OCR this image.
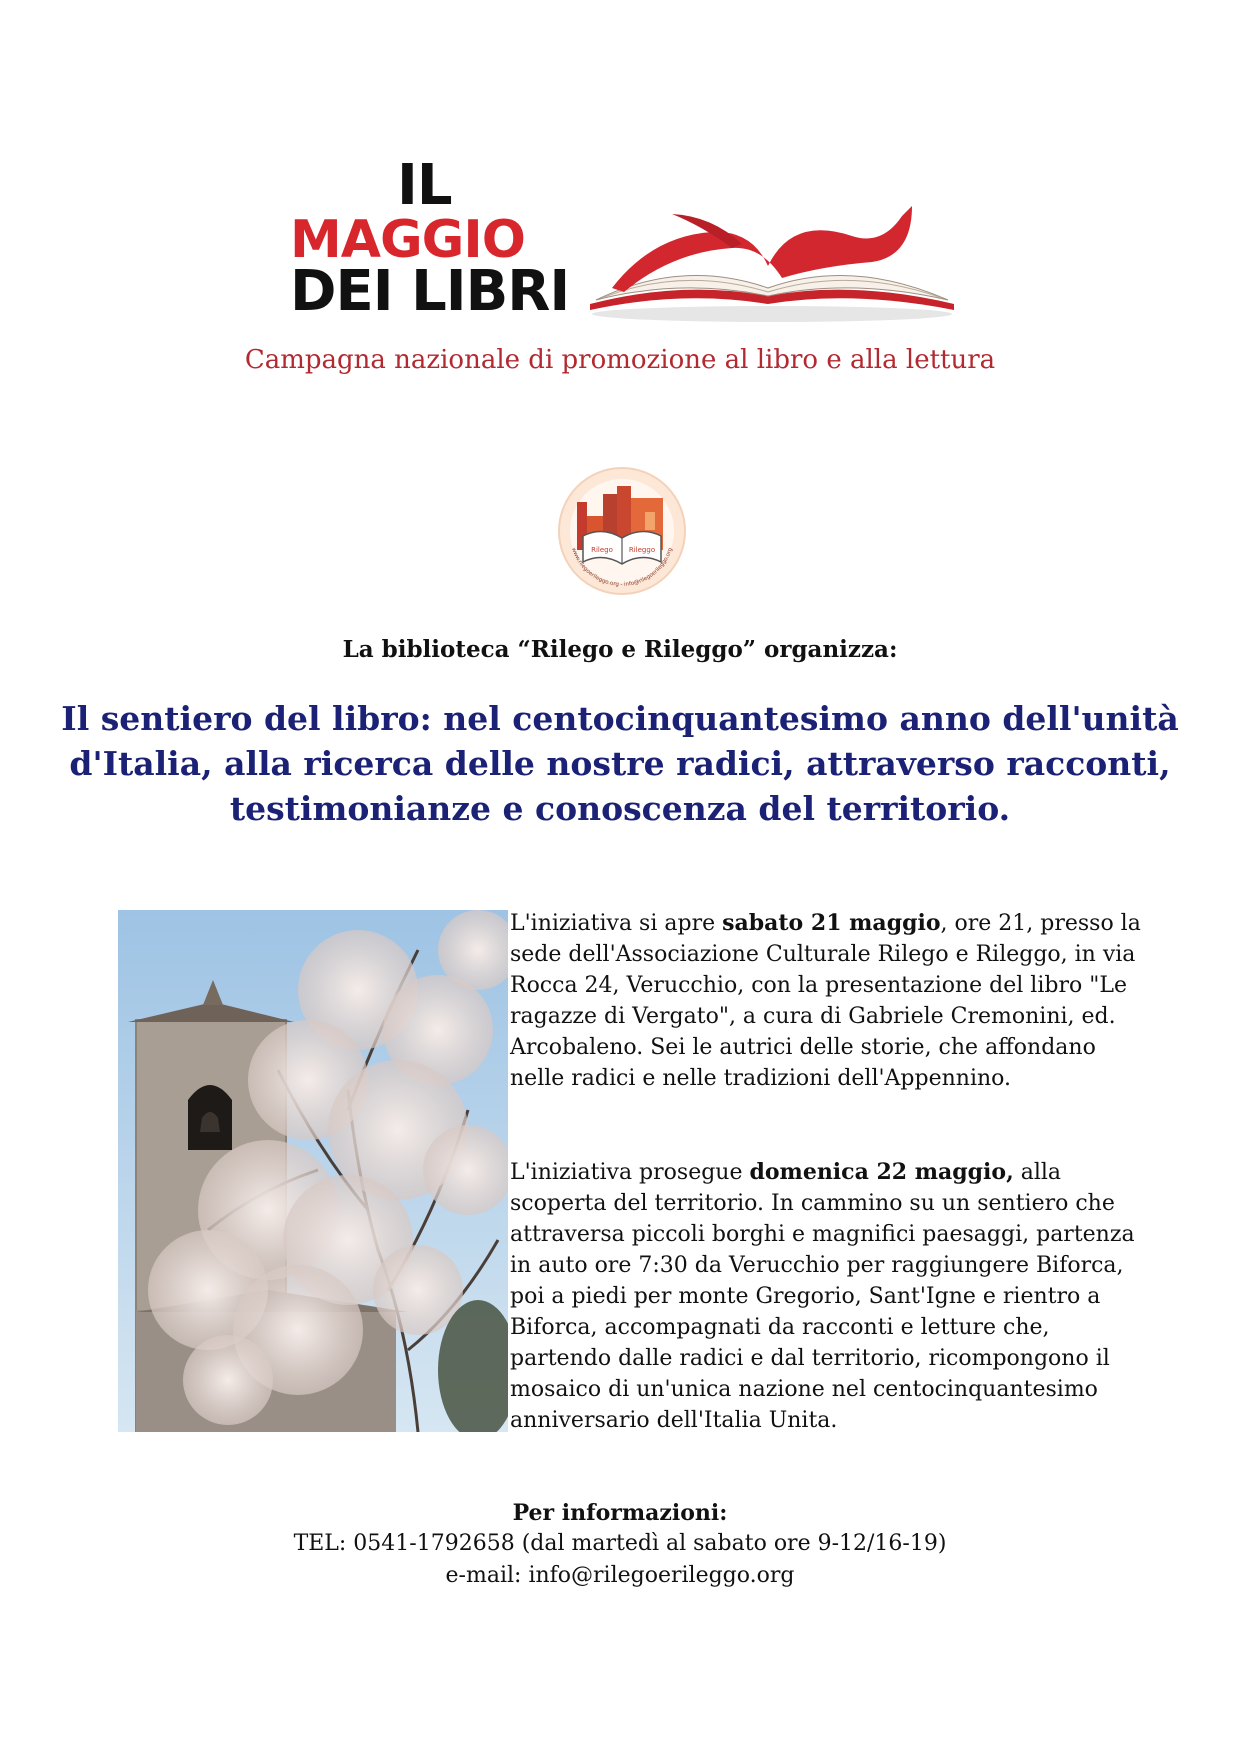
IL
MAGGIO
DEI LIBRI
Campagna nazionale di promozione al libro e alla lettura
Rilego Rileggo
www.rilegoerileggo.org - info@rilegoerileggo.org
La biblioteca “Rilego e Rileggo” organizza:
Il sentiero del libro: nel centocinquantesimo anno dell'unità d'Italia, alla ricerca delle nostre radici, attraverso racconti, testimonianze e conoscenza del territorio.
L'iniziativa si apre sabato 21 maggio, ore 21, presso la sede dell'Associazione Culturale Rilego e Rileggo, in via Rocca 24, Verucchio, con la presentazione del libro "Le ragazze di Vergato", a cura di Gabriele Cremonini, ed. Arcobaleno. Sei le autrici delle storie, che affondano nelle radici e nelle tradizioni dell'Appennino.
L'iniziativa prosegue domenica 22 maggio, alla scoperta del territorio. In cammino su un sentiero che attraversa piccoli borghi e magnifici paesaggi, partenza in auto ore 7:30 da Verucchio per raggiungere Biforca, poi a piedi per monte Gregorio, Sant'Igne e rientro a Biforca, accompagnati da racconti e letture che, partendo dalle radici e dal territorio, ricompongono il mosaico di un'unica nazione nel centocinquantesimo anniversario dell'Italia Unita.
Per informazioni:
TEL: 0541-1792658 (dal martedì al sabato ore 9-12/16-19)
e-mail: info@rilegoerileggo.org
